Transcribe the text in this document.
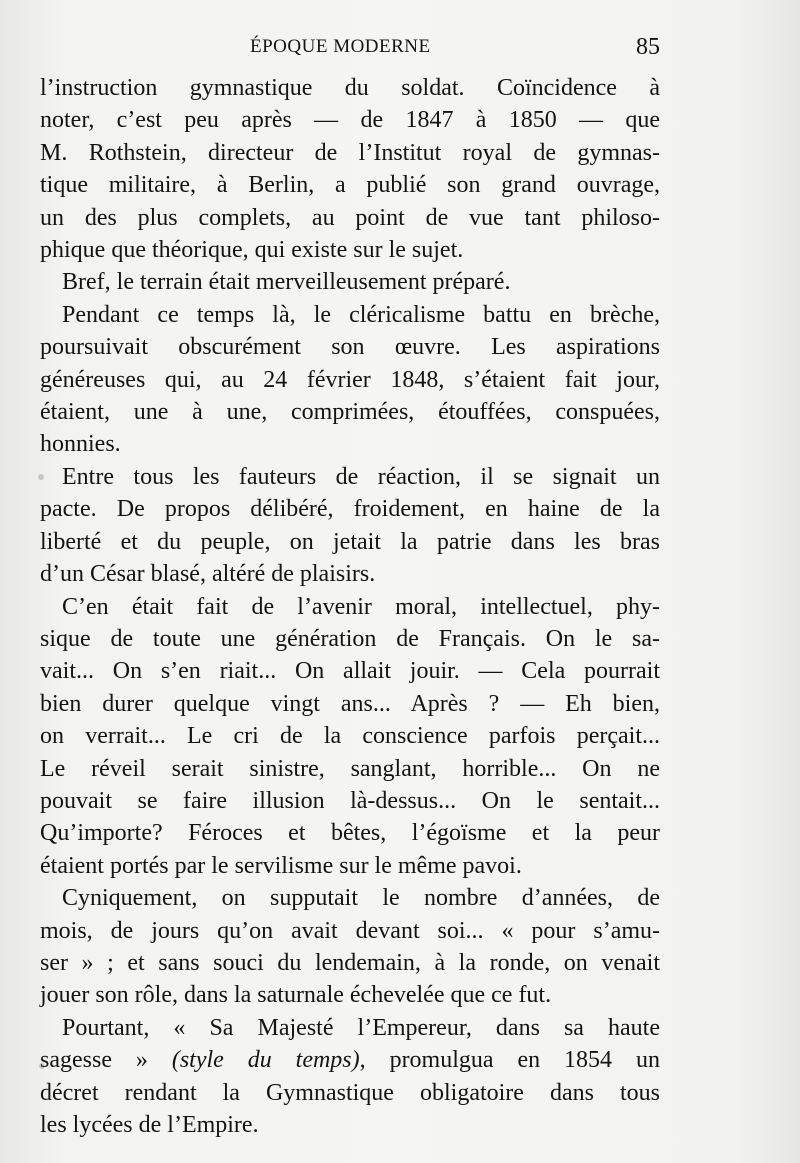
ÉPOQUE MODERNE	85

l’instruction gymnastique du soldat. Coïncidence à
noter, c’est peu après — de 1847 à 1850 — que
M. Rothstein, directeur de l’Institut royal de gymnas-
tique militaire, à Berlin, a publié son grand ouvrage,
un des plus complets, au point de vue tant philoso-
phique que théorique, qui existe sur le sujet.

Bref, le terrain était merveilleusement préparé.

Pendant ce temps là, le cléricalisme battu en brèche,
poursuivait obscurément son œuvre. Les aspirations
généreuses qui, au 24 février 1848, s’étaient fait jour,
étaient, une à une, comprimées, étouffées, conspuées,
honnies.

Entre tous les fauteurs de réaction, il se signait un
pacte. De propos délibéré, froidement, en haine de la
liberté et du peuple, on jetait la patrie dans les bras
d’un César blasé, altéré de plaisirs.

C’en était fait de l’avenir moral, intellectuel, phy-
sique de toute une génération de Français. On le sa-
vait... On s’en riait... On allait jouir. — Cela pourrait
bien durer quelque vingt ans... Après ? — Eh bien,
on verrait... Le cri de la conscience parfois perçait...
Le réveil serait sinistre, sanglant, horrible... On ne
pouvait se faire illusion là-dessus... On le sentait...
Qu’importe? Féroces et bêtes, l’égoïsme et la peur
étaient portés par le servilisme sur le même pavoi.

Cyniquement, on supputait le nombre d’années, de
mois, de jours qu’on avait devant soi... « pour s’amu-
ser » ; et sans souci du lendemain, à la ronde, on venait
jouer son rôle, dans la saturnale échevelée que ce fut.

Pourtant, « Sa Majesté l’Empereur, dans sa haute
sagesse » (style du temps), promulgua en 1854 un
décret rendant la Gymnastique obligatoire dans tous
les lycées de l’Empire.
